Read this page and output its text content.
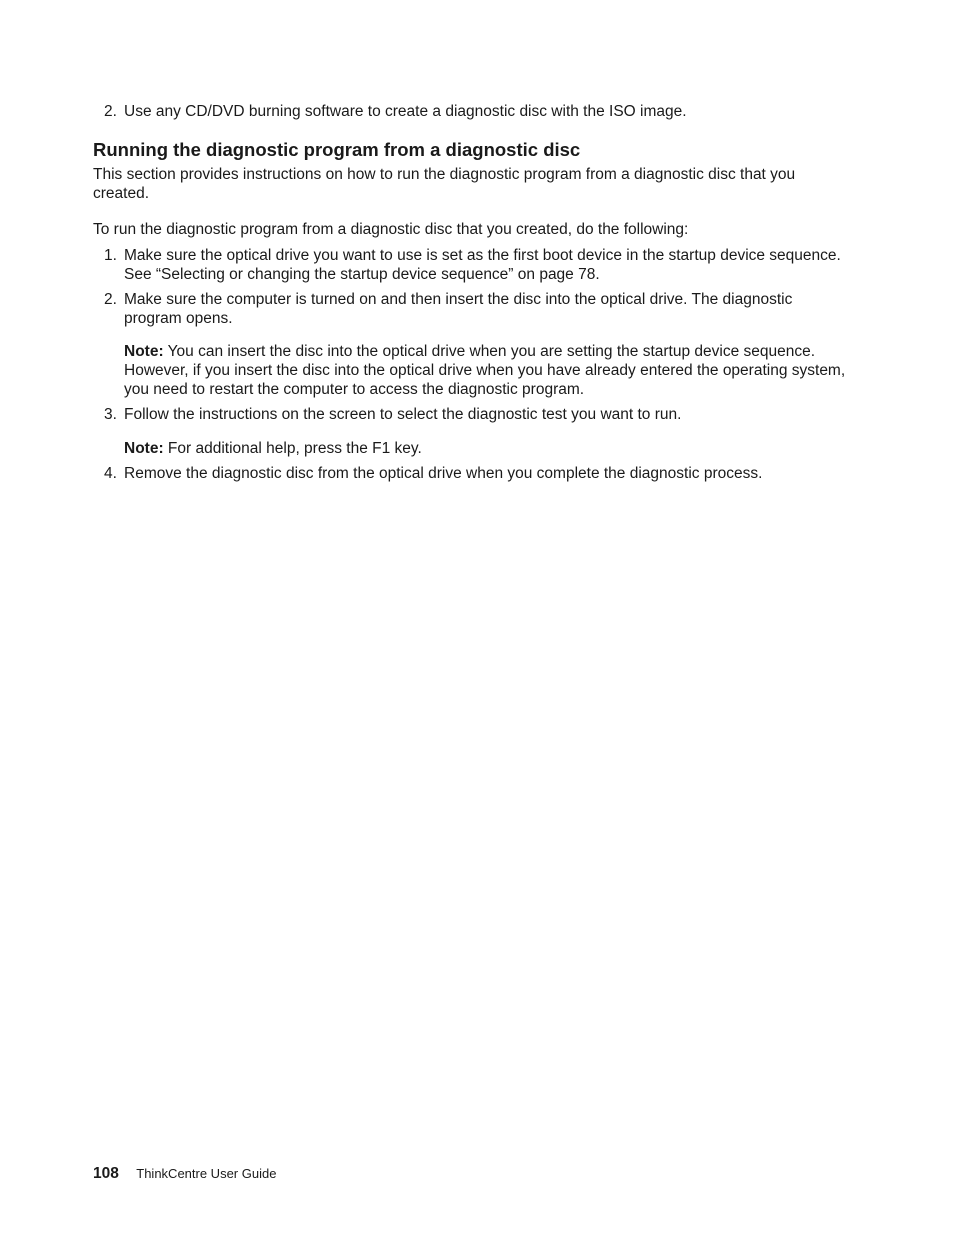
2. Use any CD/DVD burning software to create a diagnostic disc with the ISO image.
Running the diagnostic program from a diagnostic disc
This section provides instructions on how to run the diagnostic program from a diagnostic disc that you created.
To run the diagnostic program from a diagnostic disc that you created, do the following:
1. Make sure the optical drive you want to use is set as the first boot device in the startup device sequence. See “Selecting or changing the startup device sequence” on page 78.
2. Make sure the computer is turned on and then insert the disc into the optical drive. The diagnostic program opens.
Note: You can insert the disc into the optical drive when you are setting the startup device sequence. However, if you insert the disc into the optical drive when you have already entered the operating system, you need to restart the computer to access the diagnostic program.
3. Follow the instructions on the screen to select the diagnostic test you want to run.
Note: For additional help, press the F1 key.
4. Remove the diagnostic disc from the optical drive when you complete the diagnostic process.
108 ThinkCentre User Guide
